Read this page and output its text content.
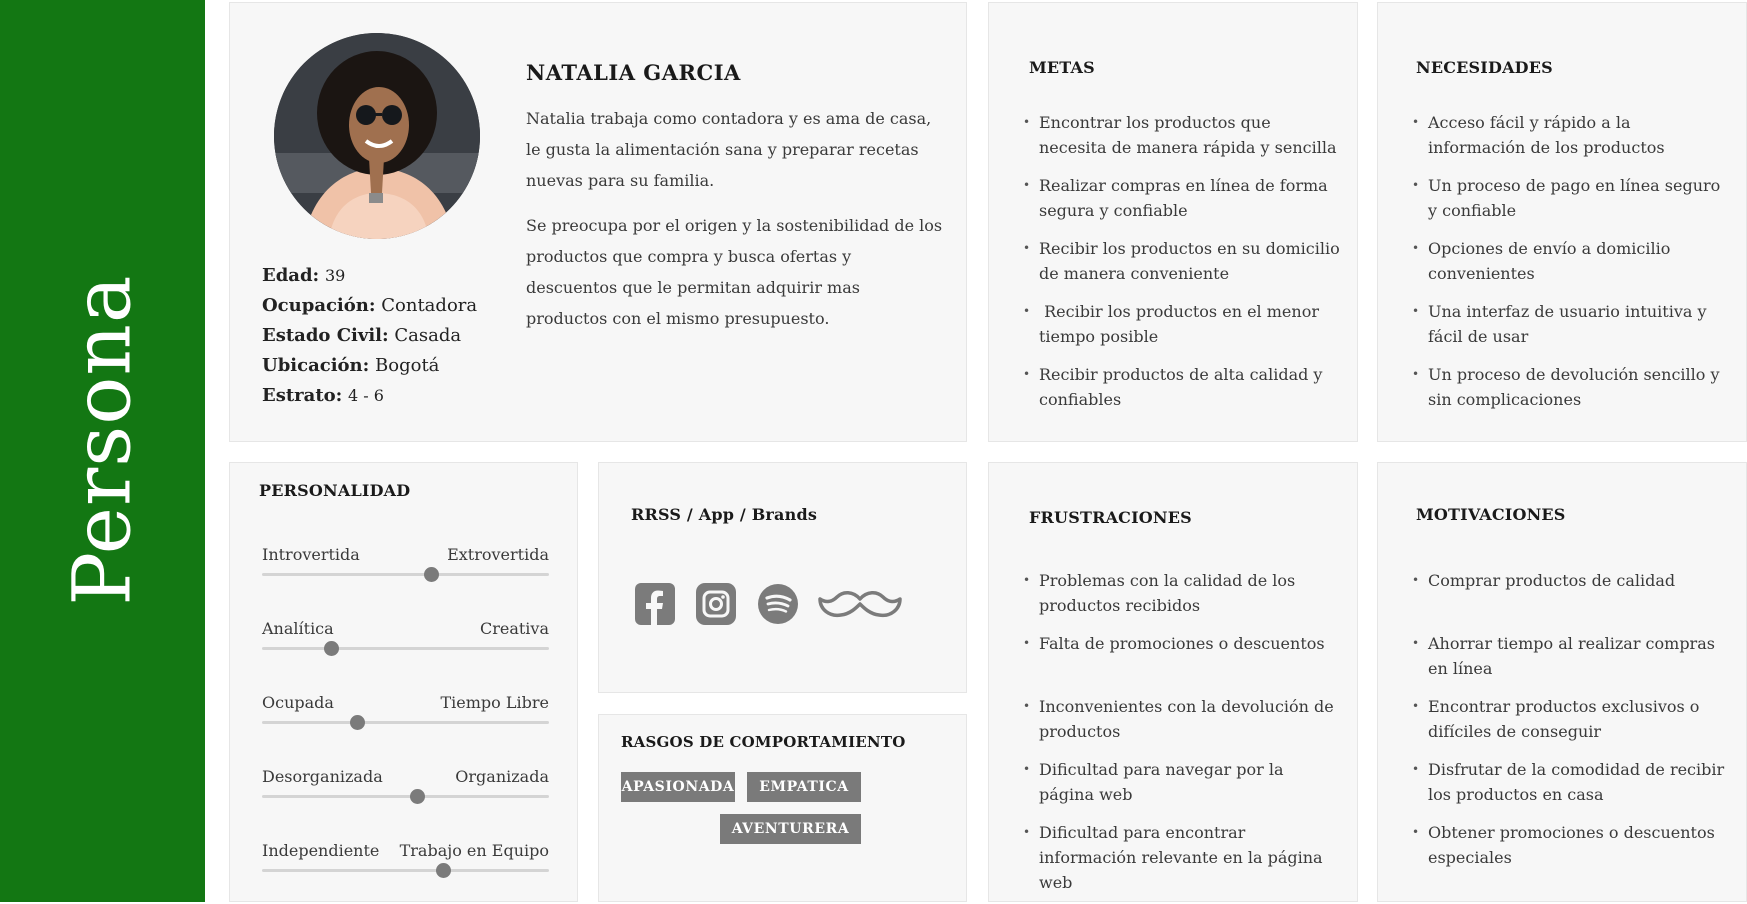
Persona	Edad: 39
Ocupación: Contadora
Estado Civil: Casada
Ubicación: Bogotá
Estrato: 4 - 6
NATALIA GARCIA

Natalia trabaja como contadora y es ama de casa, le gusta la alimentación sana y preparar recetas nuevas para su familia.

Se preocupa por el origen y la sostenibilidad de los productos que compra y busca ofertas y descuentos que le permitan adquirir mas productos con el mismo presupuesto.

METAS
• Encontrar los productos que necesita de manera rápida y sencilla
• Realizar compras en línea de forma segura y confiable
• Recibir los productos en su domicilio de manera conveniente
•  Recibir los productos en el menor tiempo posible
• Recibir productos de alta calidad y confiables
NECESIDADES
• Acceso fácil y rápido a la información de los productos
• Un proceso de pago en línea seguro y confiable
• Opciones de envío a domicilio convenientes
• Una interfaz de usuario intuitiva y fácil de usar
• Un proceso de devolución sencillo y sin complicaciones
PERSONALIDAD
Introvertida	Extrovertida
Analítica	Creativa
Ocupada	Tiempo Libre
Desorganizada	Organizada
Independiente Trabajo en Equipo
RRSS / App / Brands
RASGOS DE COMPORTAMIENTO
APASIONADA	EMPATICA
AVENTURERA
FRUSTRACIONES
• Problemas con la calidad de los productos recibidos
• Falta de promociones o descuentos
• Inconvenientes con la devolución de productos
• Dificultad para navegar por la página web
• Dificultad para encontrar información relevante en la página web
MOTIVACIONES
• Comprar productos de calidad
• Ahorrar tiempo al realizar compras en línea
• Encontrar productos exclusivos o difíciles de conseguir
• Disfrutar de la comodidad de recibir los productos en casa
• Obtener promociones o descuentos especiales
